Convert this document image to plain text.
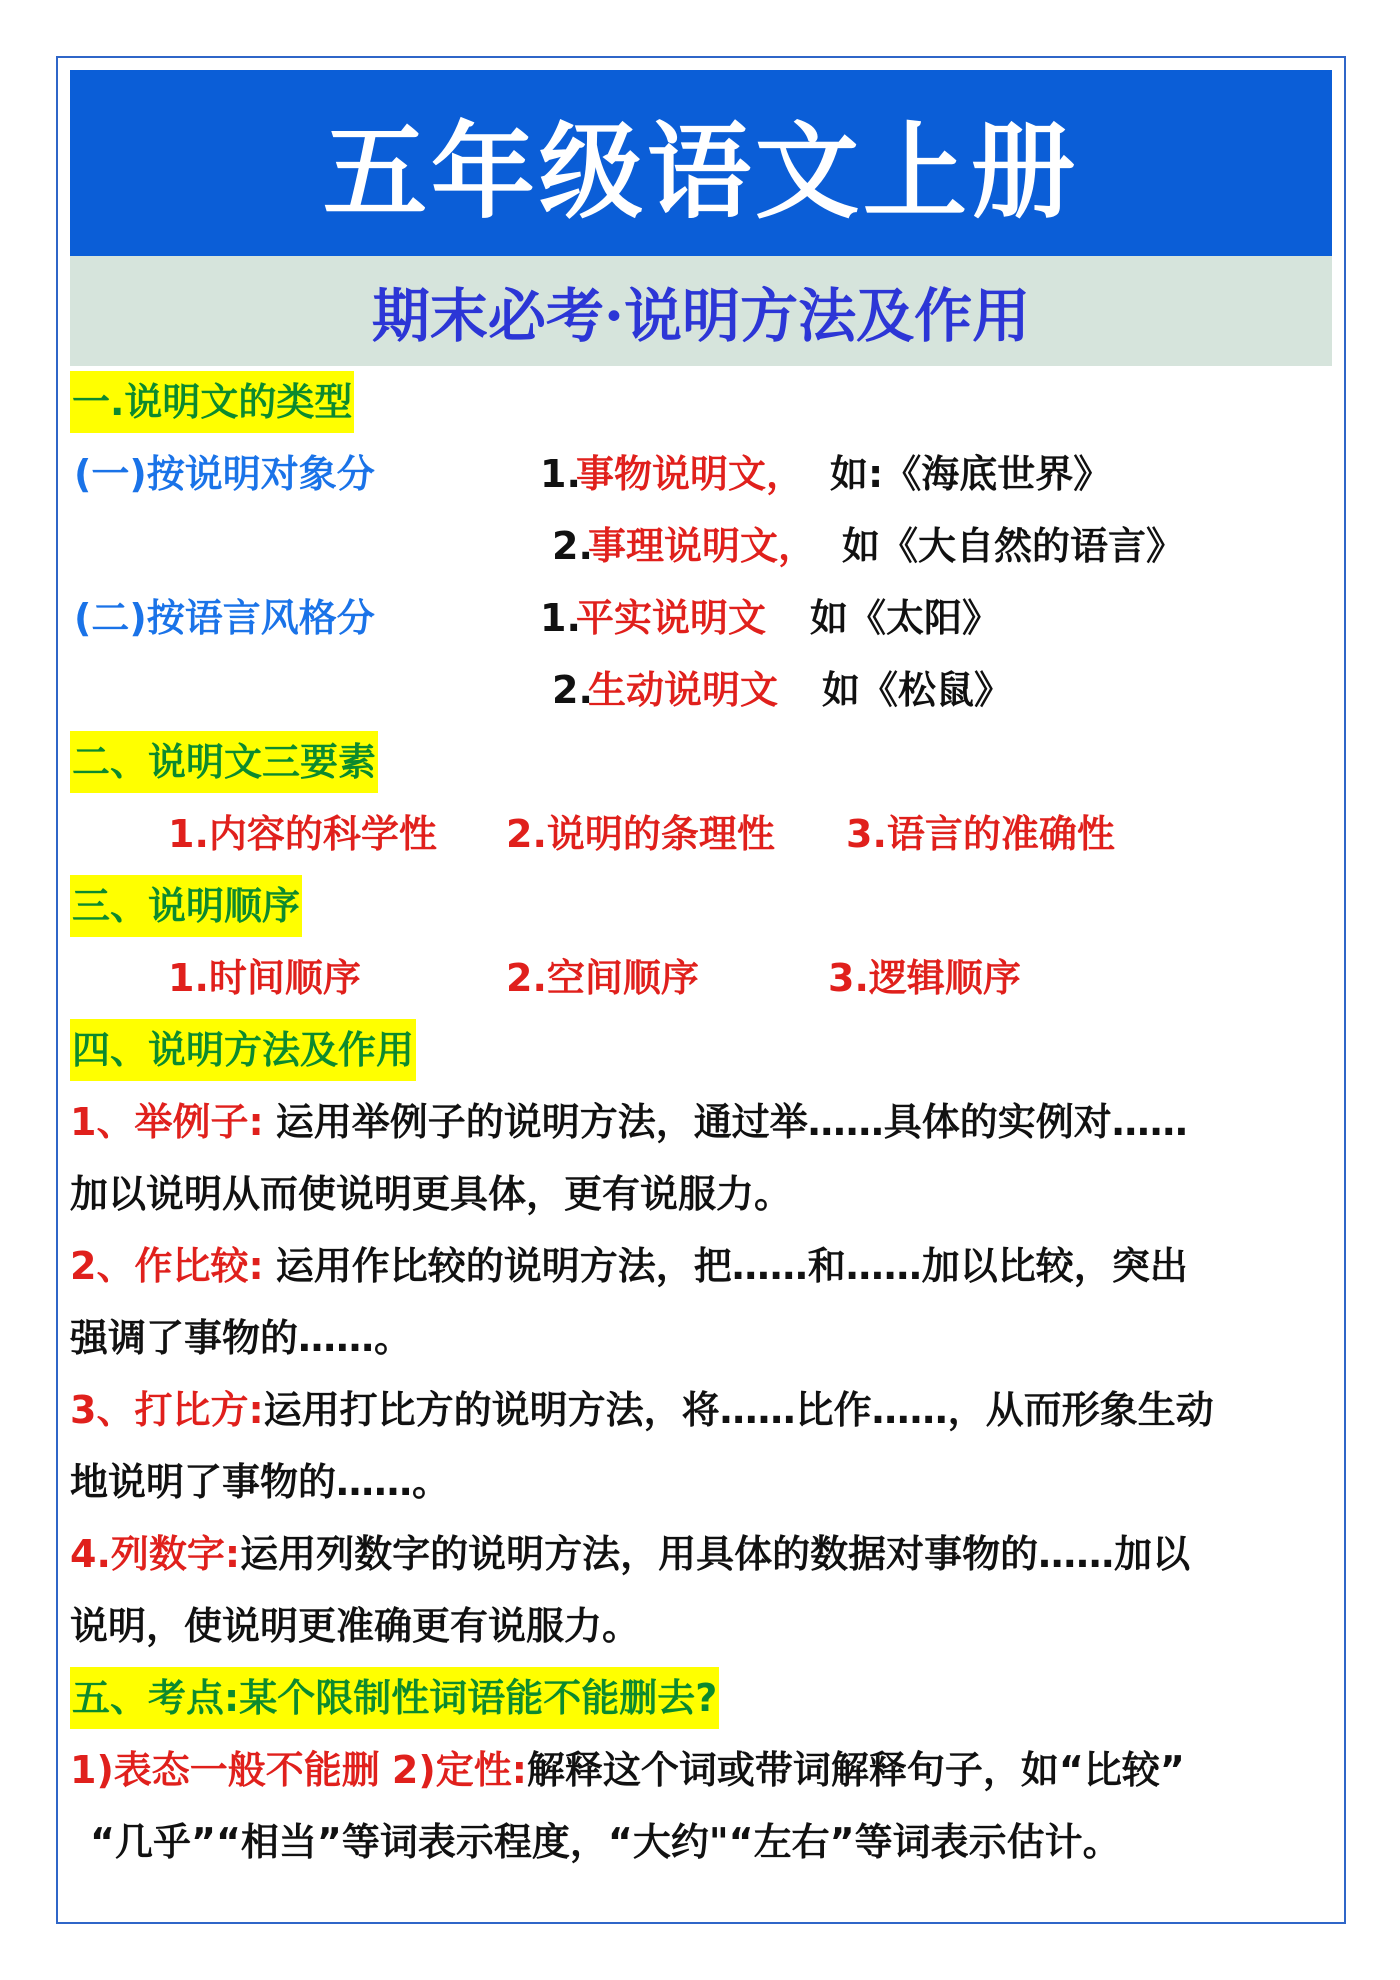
五年级语文上册
期末必考·说明方法及作用
一.说明文的类型
(一)按说明对象分	1.
事物说明文， 如:《海底世界》
2.
事理说明文， 如《大自然的语言》
(二)按语言风格分	1.
平实说明文 如《太阳》
2.
生动说明文 如《松鼠》
二、说明文三要素
1.内容的科学性 2.说明的条理性 3.语言的准确性
三、说明顺序
1.时间顺序	2.空间顺序	3.逻辑顺序
四、说明方法及作用
1、举例子: 运用举例子的说明方法，通过举……具体的实例对……
加以说明从而使说明更具体，更有说服力。
2、作比较: 运用作比较的说明方法，把……和……加以比较，突出
强调了事物的……。
3、打比方:运用打比方的说明方法，将……比作……，从而形象生动
地说明了事物的……。
4.列数字:运用列数字的说明方法，用具体的数据对事物的……加以
说明，使说明更准确更有说服力。
五、考点:某个限制性词语能不能删去?
1)表态一般不能删 2)定性:解释这个词或带词解释句子，如“比较”
“几乎”“相当”等词表示程度，“大约"“左右”等词表示估计。
